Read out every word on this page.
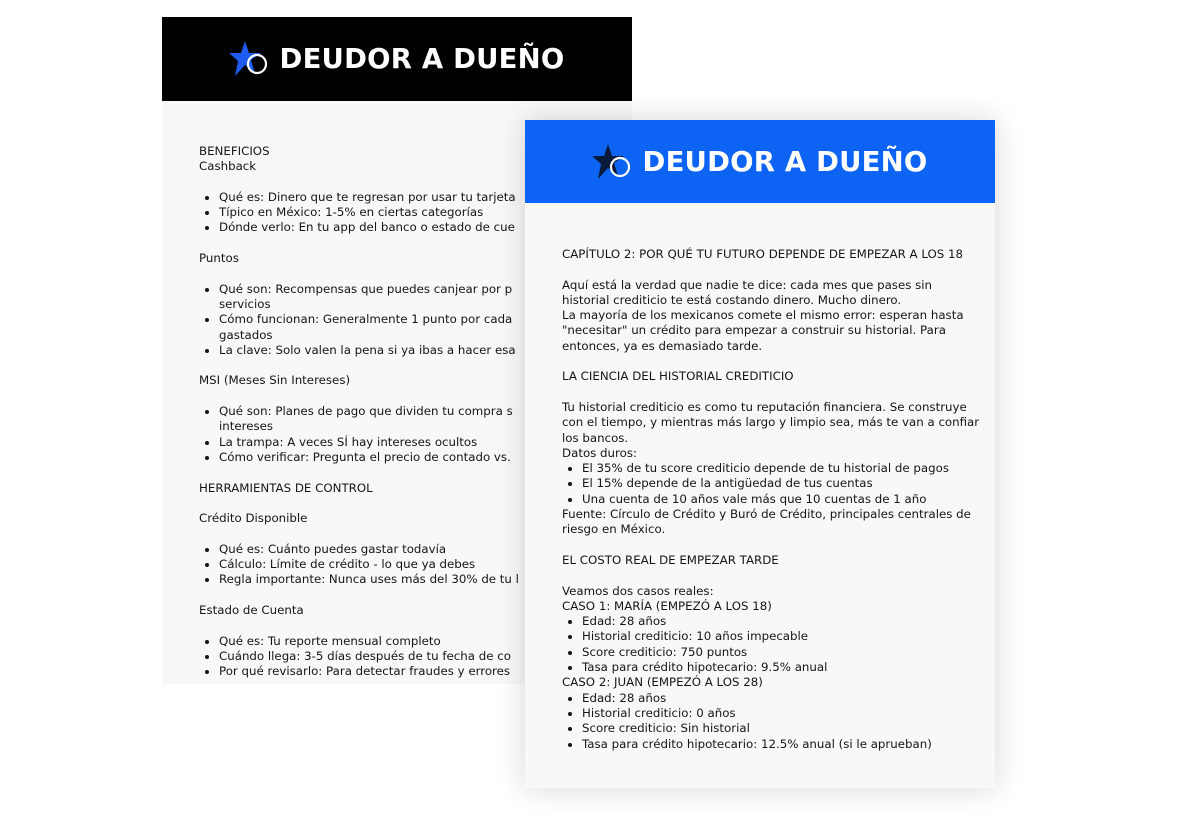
DEUDOR A DUEÑO
BENEFICIOS
Cashback
• Qué es: Dinero que te regresan por usar tu tarjeta
• Típico en México: 1-5% en ciertas categorías
• Dónde verlo: En tu app del banco o estado de cue
Puntos
• Qué son: Recompensas que puedes canjear por p servicios
• Cómo funcionan: Generalmente 1 punto por cada gastados
• La clave: Solo valen la pena si ya ibas a hacer esa
MSI (Meses Sin Intereses)
• Qué son: Planes de pago que dividen tu compra s intereses
• La trampa: A veces SÍ hay intereses ocultos
• Cómo verificar: Pregunta el precio de contado vs.
HERRAMIENTAS DE CONTROL
Crédito Disponible
• Qué es: Cuánto puedes gastar todavía
• Cálculo: Límite de crédito - lo que ya debes
• Regla importante: Nunca uses más del 30% de tu l
Estado de Cuenta
• Qué es: Tu reporte mensual completo
• Cuándo llega: 3-5 días después de tu fecha de co
• Por qué revisarlo: Para detectar fraudes y errores
DEUDOR A DUEÑO
CAPÍTULO 2: POR QUÉ TU FUTURO DEPENDE DE EMPEZAR A LOS 18
Aquí está la verdad que nadie te dice: cada mes que pases sin historial crediticio te está costando dinero. Mucho dinero.
La mayoría de los mexicanos comete el mismo error: esperan hasta "necesitar" un crédito para empezar a construir su historial. Para entonces, ya es demasiado tarde.
LA CIENCIA DEL HISTORIAL CREDITICIO
Tu historial crediticio es como tu reputación financiera. Se construye con el tiempo, y mientras más largo y limpio sea, más te van a confiar los bancos.
Datos duros:
• El 35% de tu score crediticio depende de tu historial de pagos
• El 15% depende de la antigüedad de tus cuentas
• Una cuenta de 10 años vale más que 10 cuentas de 1 año
Fuente: Círculo de Crédito y Buró de Crédito, principales centrales de riesgo en México.
EL COSTO REAL DE EMPEZAR TARDE
Veamos dos casos reales:
CASO 1: MARÍA (EMPEZÓ A LOS 18)
• Edad: 28 años
• Historial crediticio: 10 años impecable
• Score crediticio: 750 puntos
• Tasa para crédito hipotecario: 9.5% anual
CASO 2: JUAN (EMPEZÓ A LOS 28)
• Edad: 28 años
• Historial crediticio: 0 años
• Score crediticio: Sin historial
• Tasa para crédito hipotecario: 12.5% anual (si le aprueban)
